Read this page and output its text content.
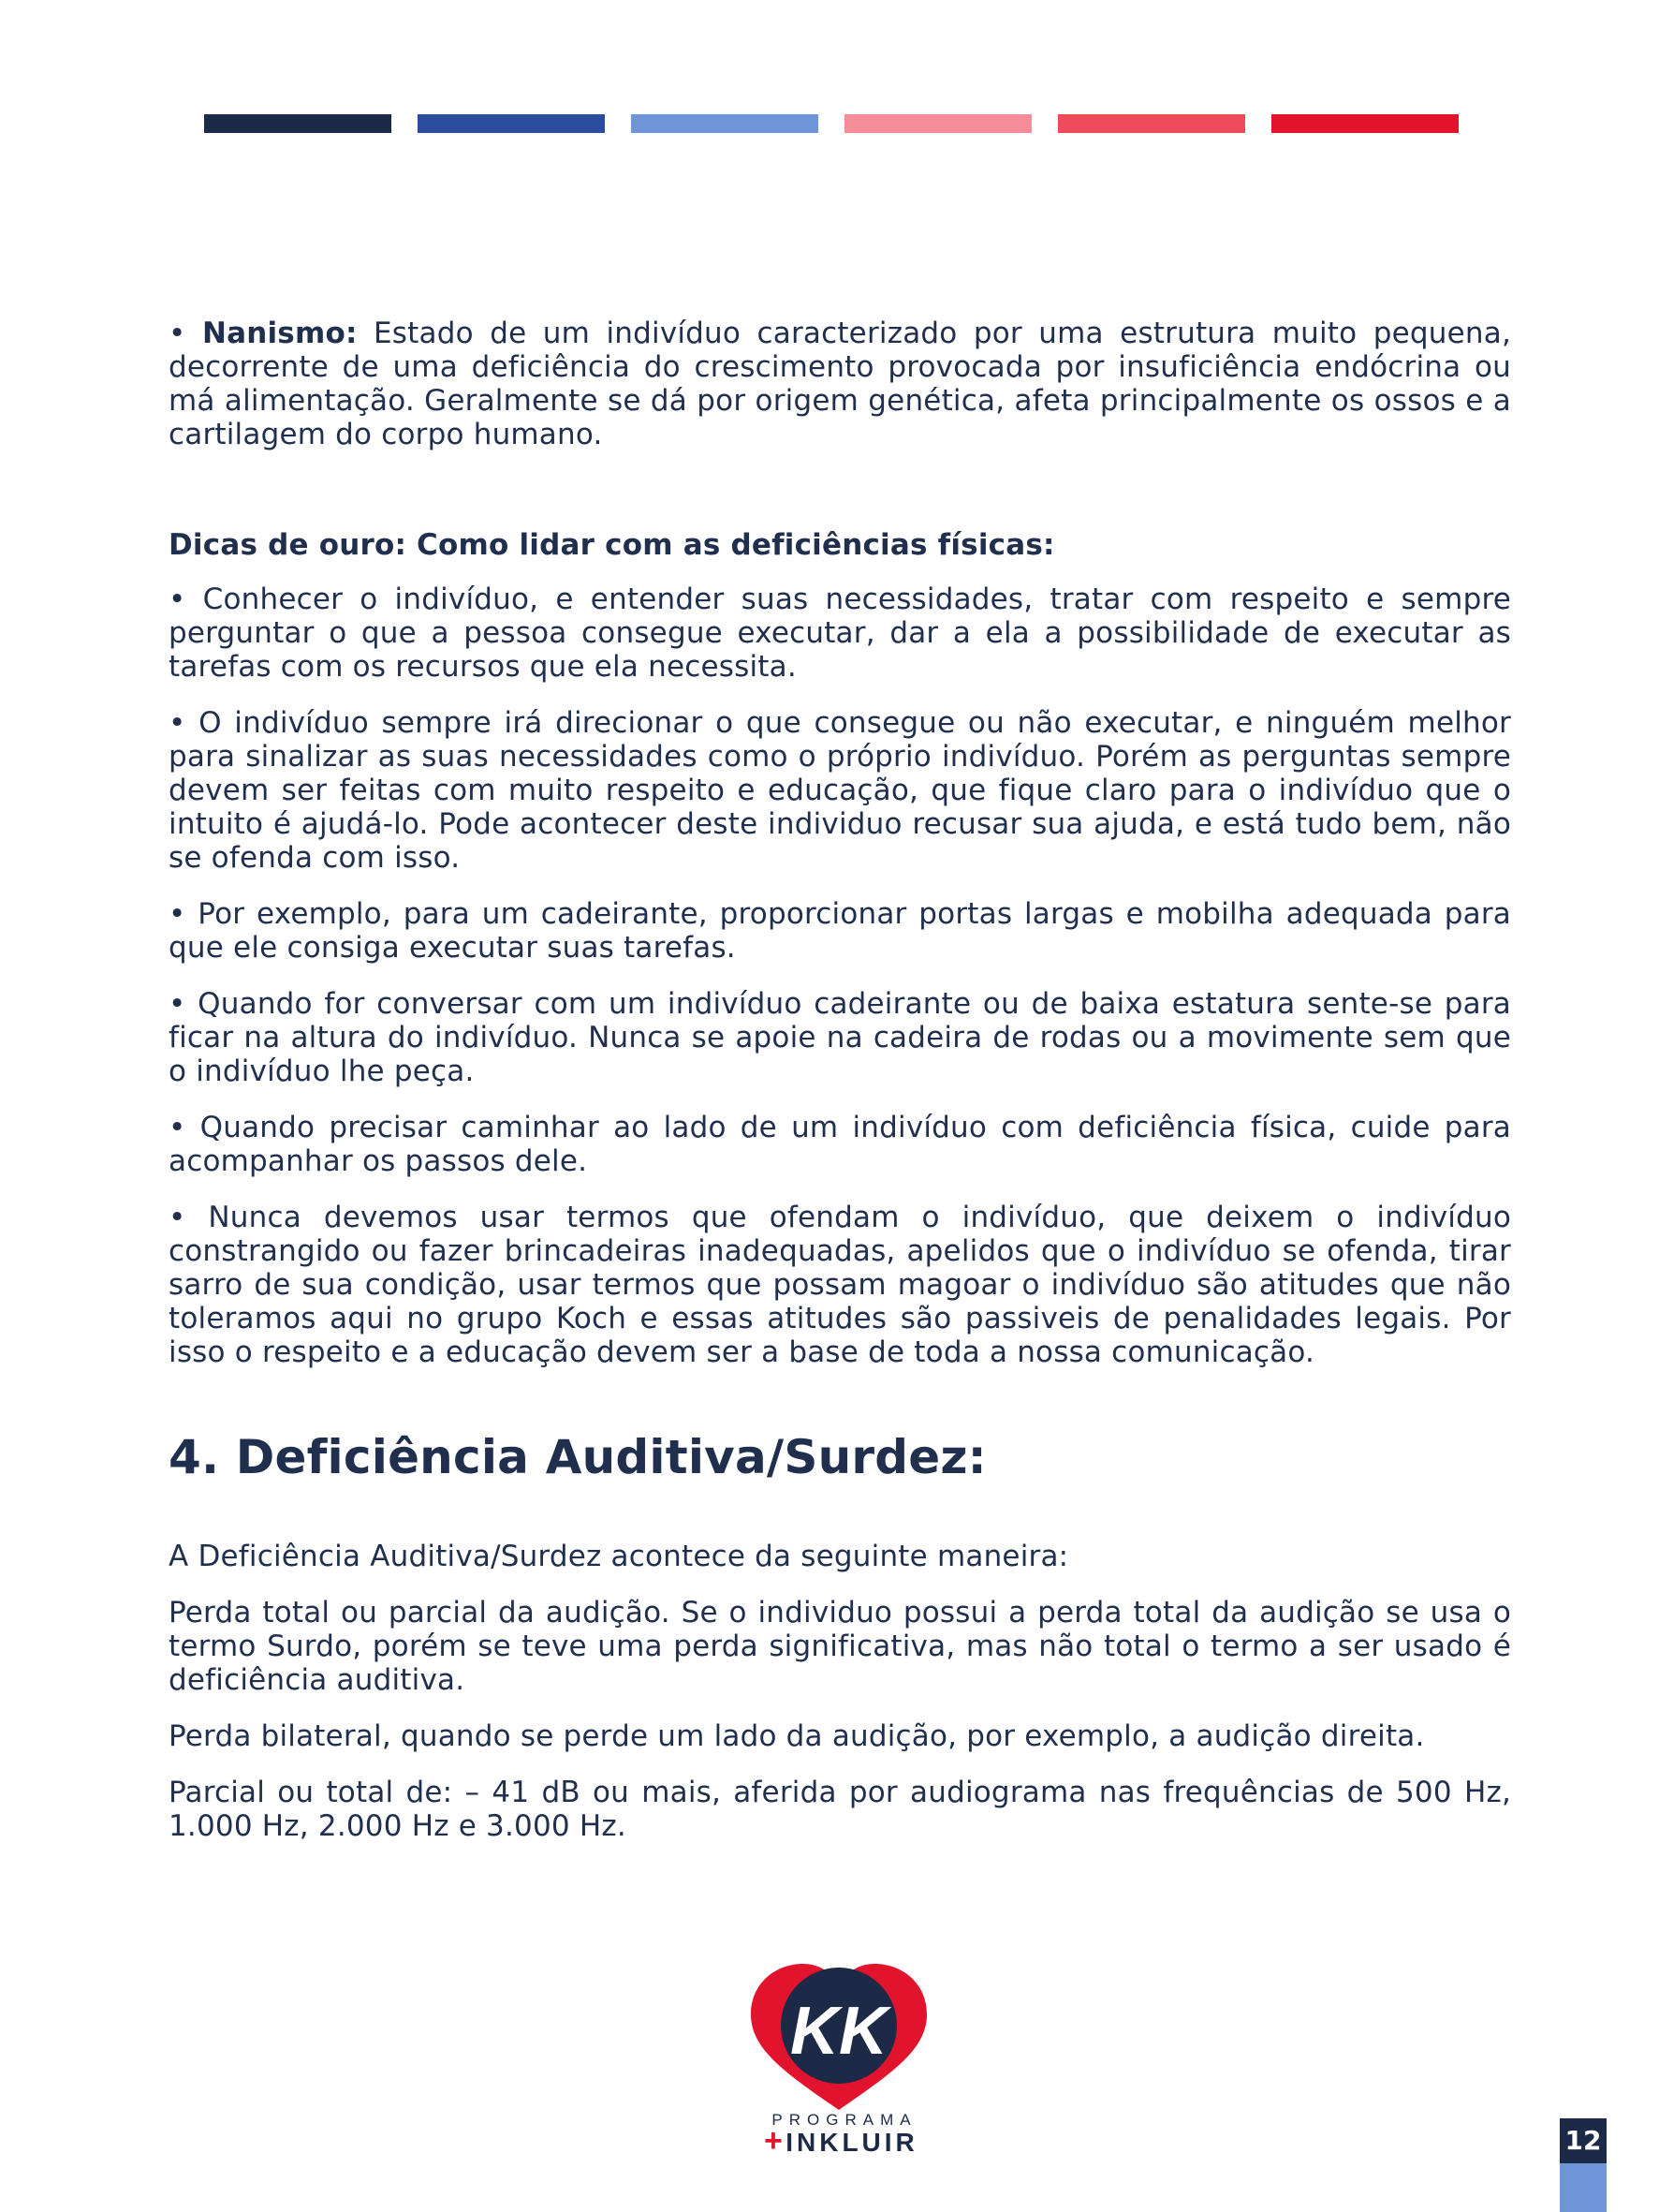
• Nanismo: Estado de um indivíduo caracterizado por uma estrutura muito pequena, decorrente de uma deficiência do crescimento provocada por insuficiência endócrina ou má alimentação. Geralmente se dá por origem genética, afeta principalmente os ossos e a cartilagem do corpo humano.

Dicas de ouro: Como lidar com as deficiências físicas:

• Conhecer o indivíduo, e entender suas necessidades, tratar com respeito e sempre perguntar o que a pessoa consegue executar, dar a ela a possibilidade de executar as tarefas com os recursos que ela necessita.

• O indivíduo sempre irá direcionar o que consegue ou não executar, e ninguém melhor para sinalizar as suas necessidades como o próprio indivíduo. Porém as perguntas sempre devem ser feitas com muito respeito e educação, que fique claro para o indivíduo que o intuito é ajudá-lo. Pode acontecer deste individuo recusar sua ajuda, e está tudo bem, não se ofenda com isso.

• Por exemplo, para um cadeirante, proporcionar portas largas e mobilha adequada para que ele consiga executar suas tarefas.

• Quando for conversar com um indivíduo cadeirante ou de baixa estatura sente-se para ficar na altura do indivíduo. Nunca se apoie na cadeira de rodas ou a movimente sem que o indivíduo lhe peça.

• Quando precisar caminhar ao lado de um indivíduo com deficiência física, cuide para acompanhar os passos dele.

• Nunca devemos usar termos que ofendam o indivíduo, que deixem o indivíduo constrangido ou fazer brincadeiras inadequadas, apelidos que o indivíduo se ofenda, tirar sarro de sua condição, usar termos que possam magoar o indivíduo são atitudes que não toleramos aqui no grupo Koch e essas atitudes são passiveis de penalidades legais. Por isso o respeito e a educação devem ser a base de toda a nossa comunicação.

4. Deficiência Auditiva/Surdez:

A Deficiência Auditiva/Surdez acontece da seguinte maneira:

Perda total ou parcial da audição. Se o individuo possui a perda total da audição se usa o termo Surdo, porém se teve uma perda significativa, mas não total o termo a ser usado é deficiência auditiva.

Perda bilateral, quando se perde um lado da audição, por exemplo, a audição direita.

Parcial ou total de: – 41 dB ou mais, aferida por audiograma nas frequências de 500 Hz, 1.000 Hz, 2.000 Hz e 3.000 Hz.

KK
PROGRAMA
+ INKLUIR	12
